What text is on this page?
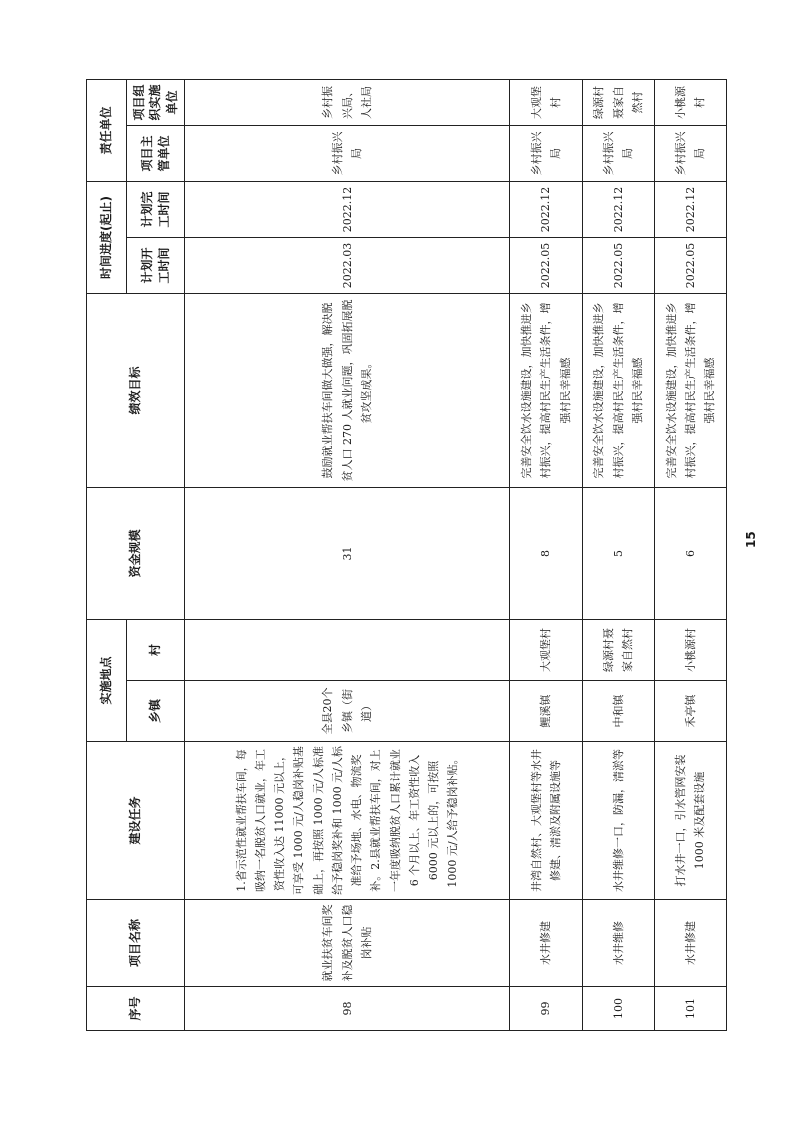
序号	项目名称	建设任务	实施地点		资金规模	绩效目标	时间进度(起止)		责任单位	
			乡镇	村			计划开工时间	计划完工时间	项目主管单位	项目组织实施单位
98	就业扶贫车间奖补及脱贫人口稳岗补贴	1.省示范性就业帮扶车间，每吸纳一名脱贫人口就业，年工资性收入达 11000 元以上，可享受 1000 元/人稳岗补贴基础上，再按照 1000 元/人标准给予稳岗奖补和 1000 元/人标准给予场地、水电、物流奖补。2.县就业帮扶车间，对上一年度吸纳脱贫人口累计就业 6 个月以上、年工资性收入 6000 元以上的，可按照 1000 元/人给予稳岗补贴。	全县20个乡镇（街道）		31	鼓励就业帮扶车间做大做强，解决脱贫人口 270 人就业问题，巩固拓展脱贫攻坚成果。	2022.03	2022.12	乡村振兴局	乡村振兴局、人社局
99	水井修建	井湾自然村、大观堡村等水井修建、清淤及附属设施等	鲤溪镇	大观堡村	8	完善安全饮水设施建设，加快推进乡村振兴，提高村民生产生活条件，增强村民幸福感	2022.05	2022.12	乡村振兴局	大观堡村
100	水井维修	水井维修一口，防漏，清淤等	中和镇	绿源村聂家自然村	5	完善安全饮水设施建设，加快推进乡村振兴，提高村民生产生活条件，增强村民幸福感	2022.05	2022.12	乡村振兴局	绿源村聂家自然村
101	水井修建	打水井一口，引水管网安装 1000 米及配套设施	禾亭镇	小桃源村	6	完善安全饮水设施建设，加快推进乡村振兴，提高村民生产生活条件，增强村民幸福感	2022.05	2022.12	乡村振兴局	小桃源村
15
